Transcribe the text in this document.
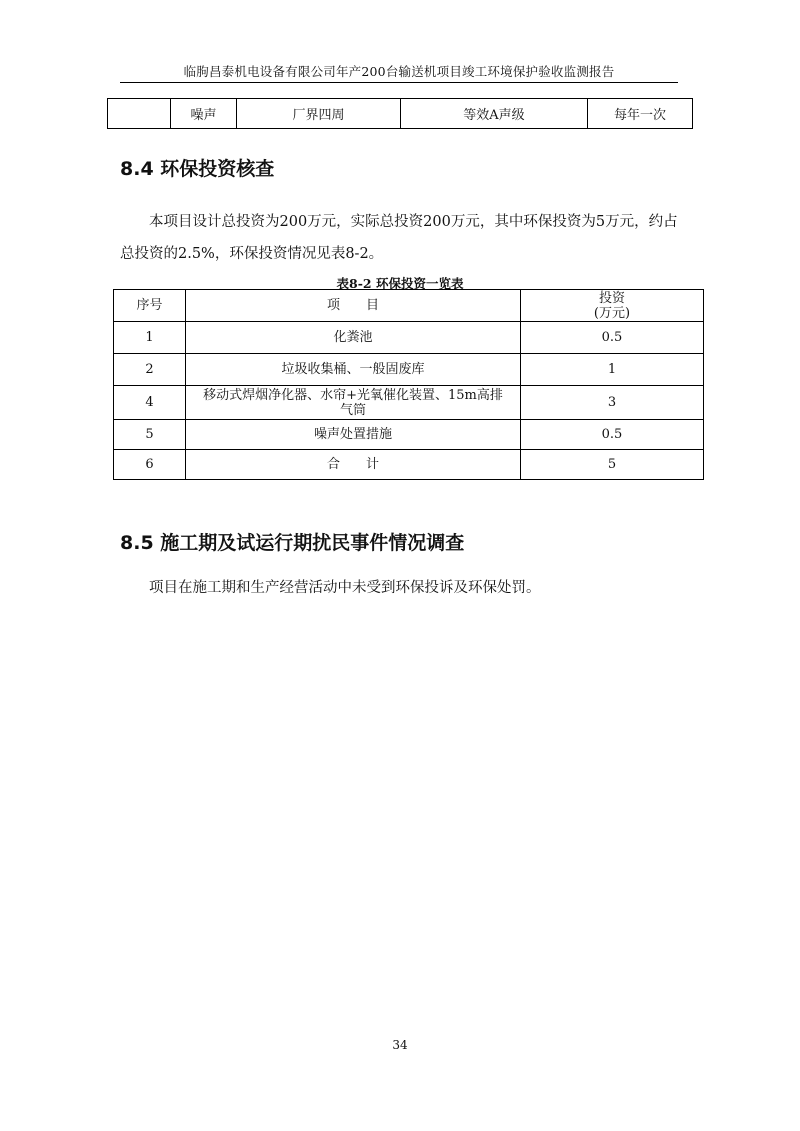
临朐昌泰机电设备有限公司年产200台输送机项目竣工环境保护验收监测报告
	噪声	厂界四周	等效A声级	每年一次
8.4 环保投资核查
本项目设计总投资为200万元，实际总投资200万元，其中环保投资为5万元，约占总投资的2.5%，环保投资情况见表8-2。
表8-2 环保投资一览表
序号	项　　目	投资
(万元)

1	化粪池	0.5
2	垃圾收集桶、一般固废库	1
4	移动式焊烟净化器、水帘+光氧催化装置、15m高排
气筒	3
5	噪声处置措施	0.5
6	合　　计	5
8.5 施工期及试运行期扰民事件情况调查
项目在施工期和生产经营活动中未受到环保投诉及环保处罚。
34
